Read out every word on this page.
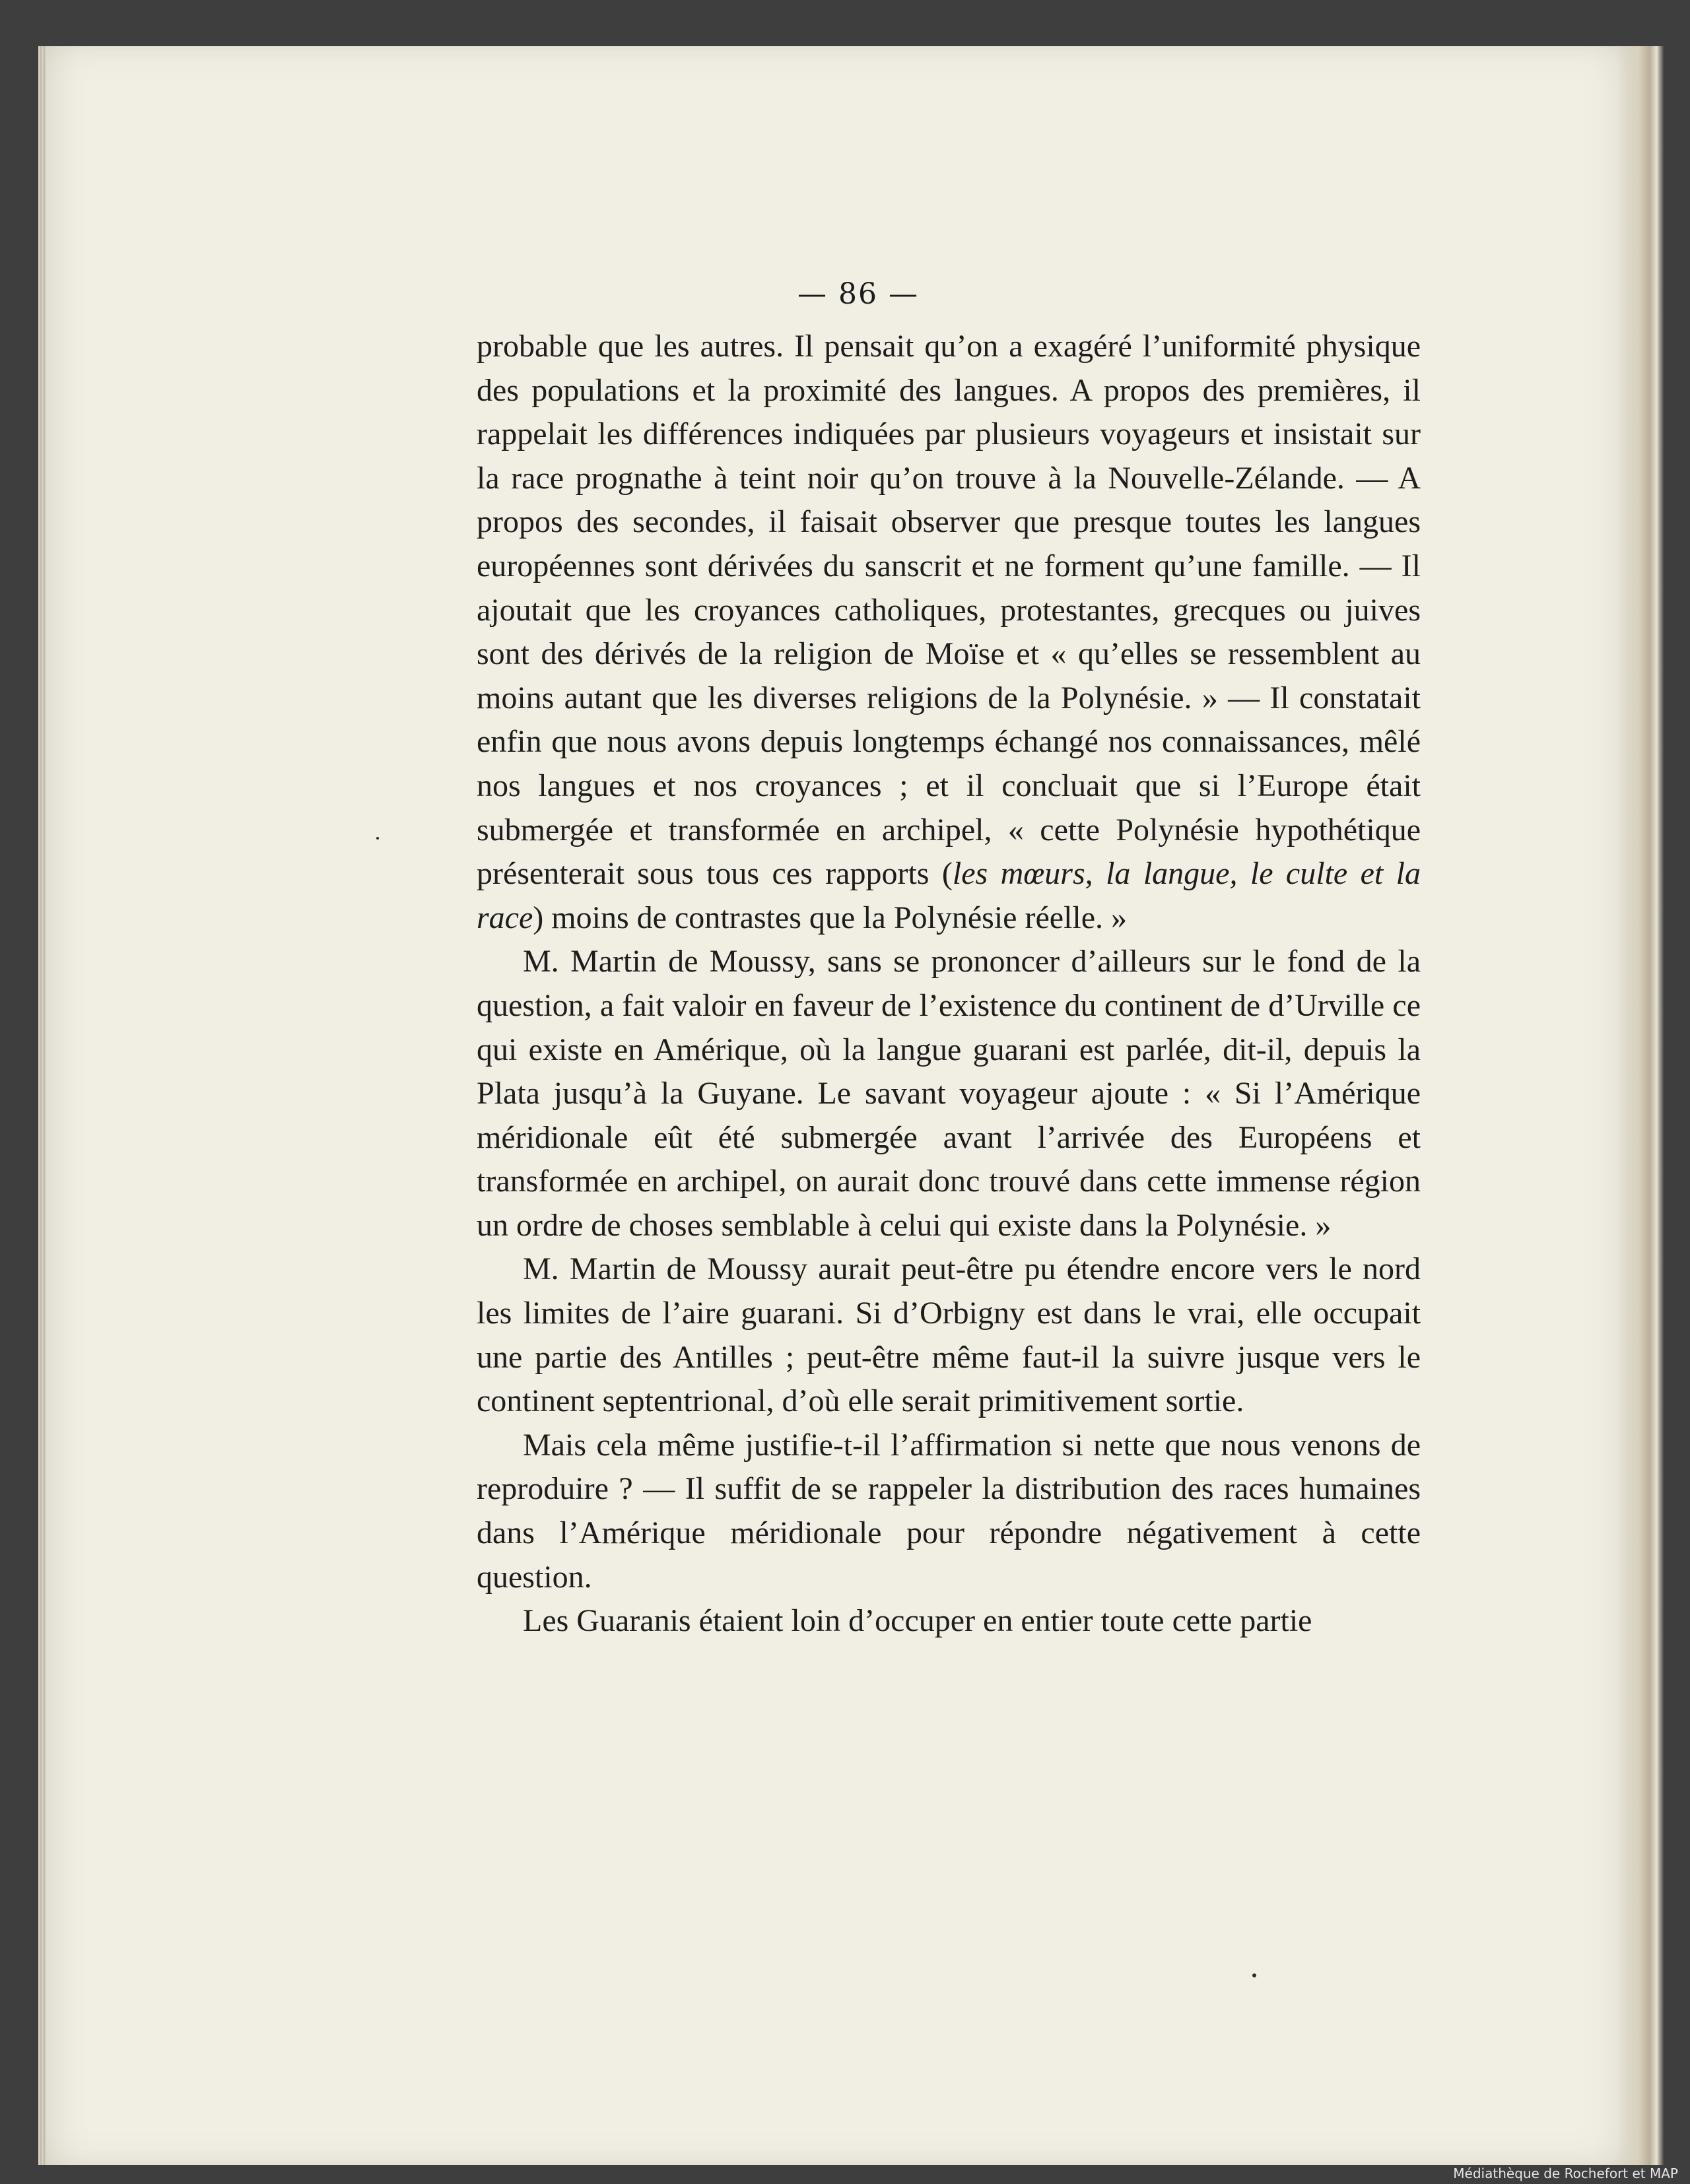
— 86 —

probable que les autres. Il pensait qu’on a exagéré l’uniformité physique des populations et la proximité des langues. A propos des premières, il rappelait les différences indiquées par plusieurs voyageurs et insistait sur la race prognathe à teint noir qu’on trouve à la Nouvelle-Zélande. — A propos des secondes, il faisait observer que presque toutes les langues européennes sont dérivées du sanscrit et ne forment qu’une famille. — Il ajoutait que les croyances catholiques, protestantes, grecques ou juives sont des dérivés de la religion de Moïse et « qu’elles se ressemblent au moins autant que les diverses religions de la Polynésie. » — Il constatait enfin que nous avons depuis longtemps échangé nos connaissances, mêlé nos langues et nos croyances ; et il concluait que si l’Europe était submergée et transformée en archipel, « cette Polynésie hypothétique présenterait sous tous ces rapports (les mœurs, la langue, le culte et la race) moins de contrastes que la Polynésie réelle. »

M. Martin de Moussy, sans se prononcer d’ailleurs sur le fond de la question, a fait valoir en faveur de l’existence du continent de d’Urville ce qui existe en Amérique, où la langue guarani est parlée, dit-il, depuis la Plata jusqu’à la Guyane. Le savant voyageur ajoute : « Si l’Amérique méridionale eût été submergée avant l’arrivée des Européens et transformée en archipel, on aurait donc trouvé dans cette immense région un ordre de choses semblable à celui qui existe dans la Polynésie. »

M. Martin de Moussy aurait peut-être pu étendre encore vers le nord les limites de l’aire guarani. Si d’Orbigny est dans le vrai, elle occupait une partie des Antilles ; peut-être même faut-il la suivre jusque vers le continent septentrional, d’où elle serait primitivement sortie.

Mais cela même justifie-t-il l’affirmation si nette que nous venons de reproduire ? — Il suffit de se rappeler la distribution des races humaines dans l’Amérique méridionale pour répondre négativement à cette question.

Les Guaranis étaient loin d’occuper en entier toute cette partie

Médiathèque de Rochefort et MAP
